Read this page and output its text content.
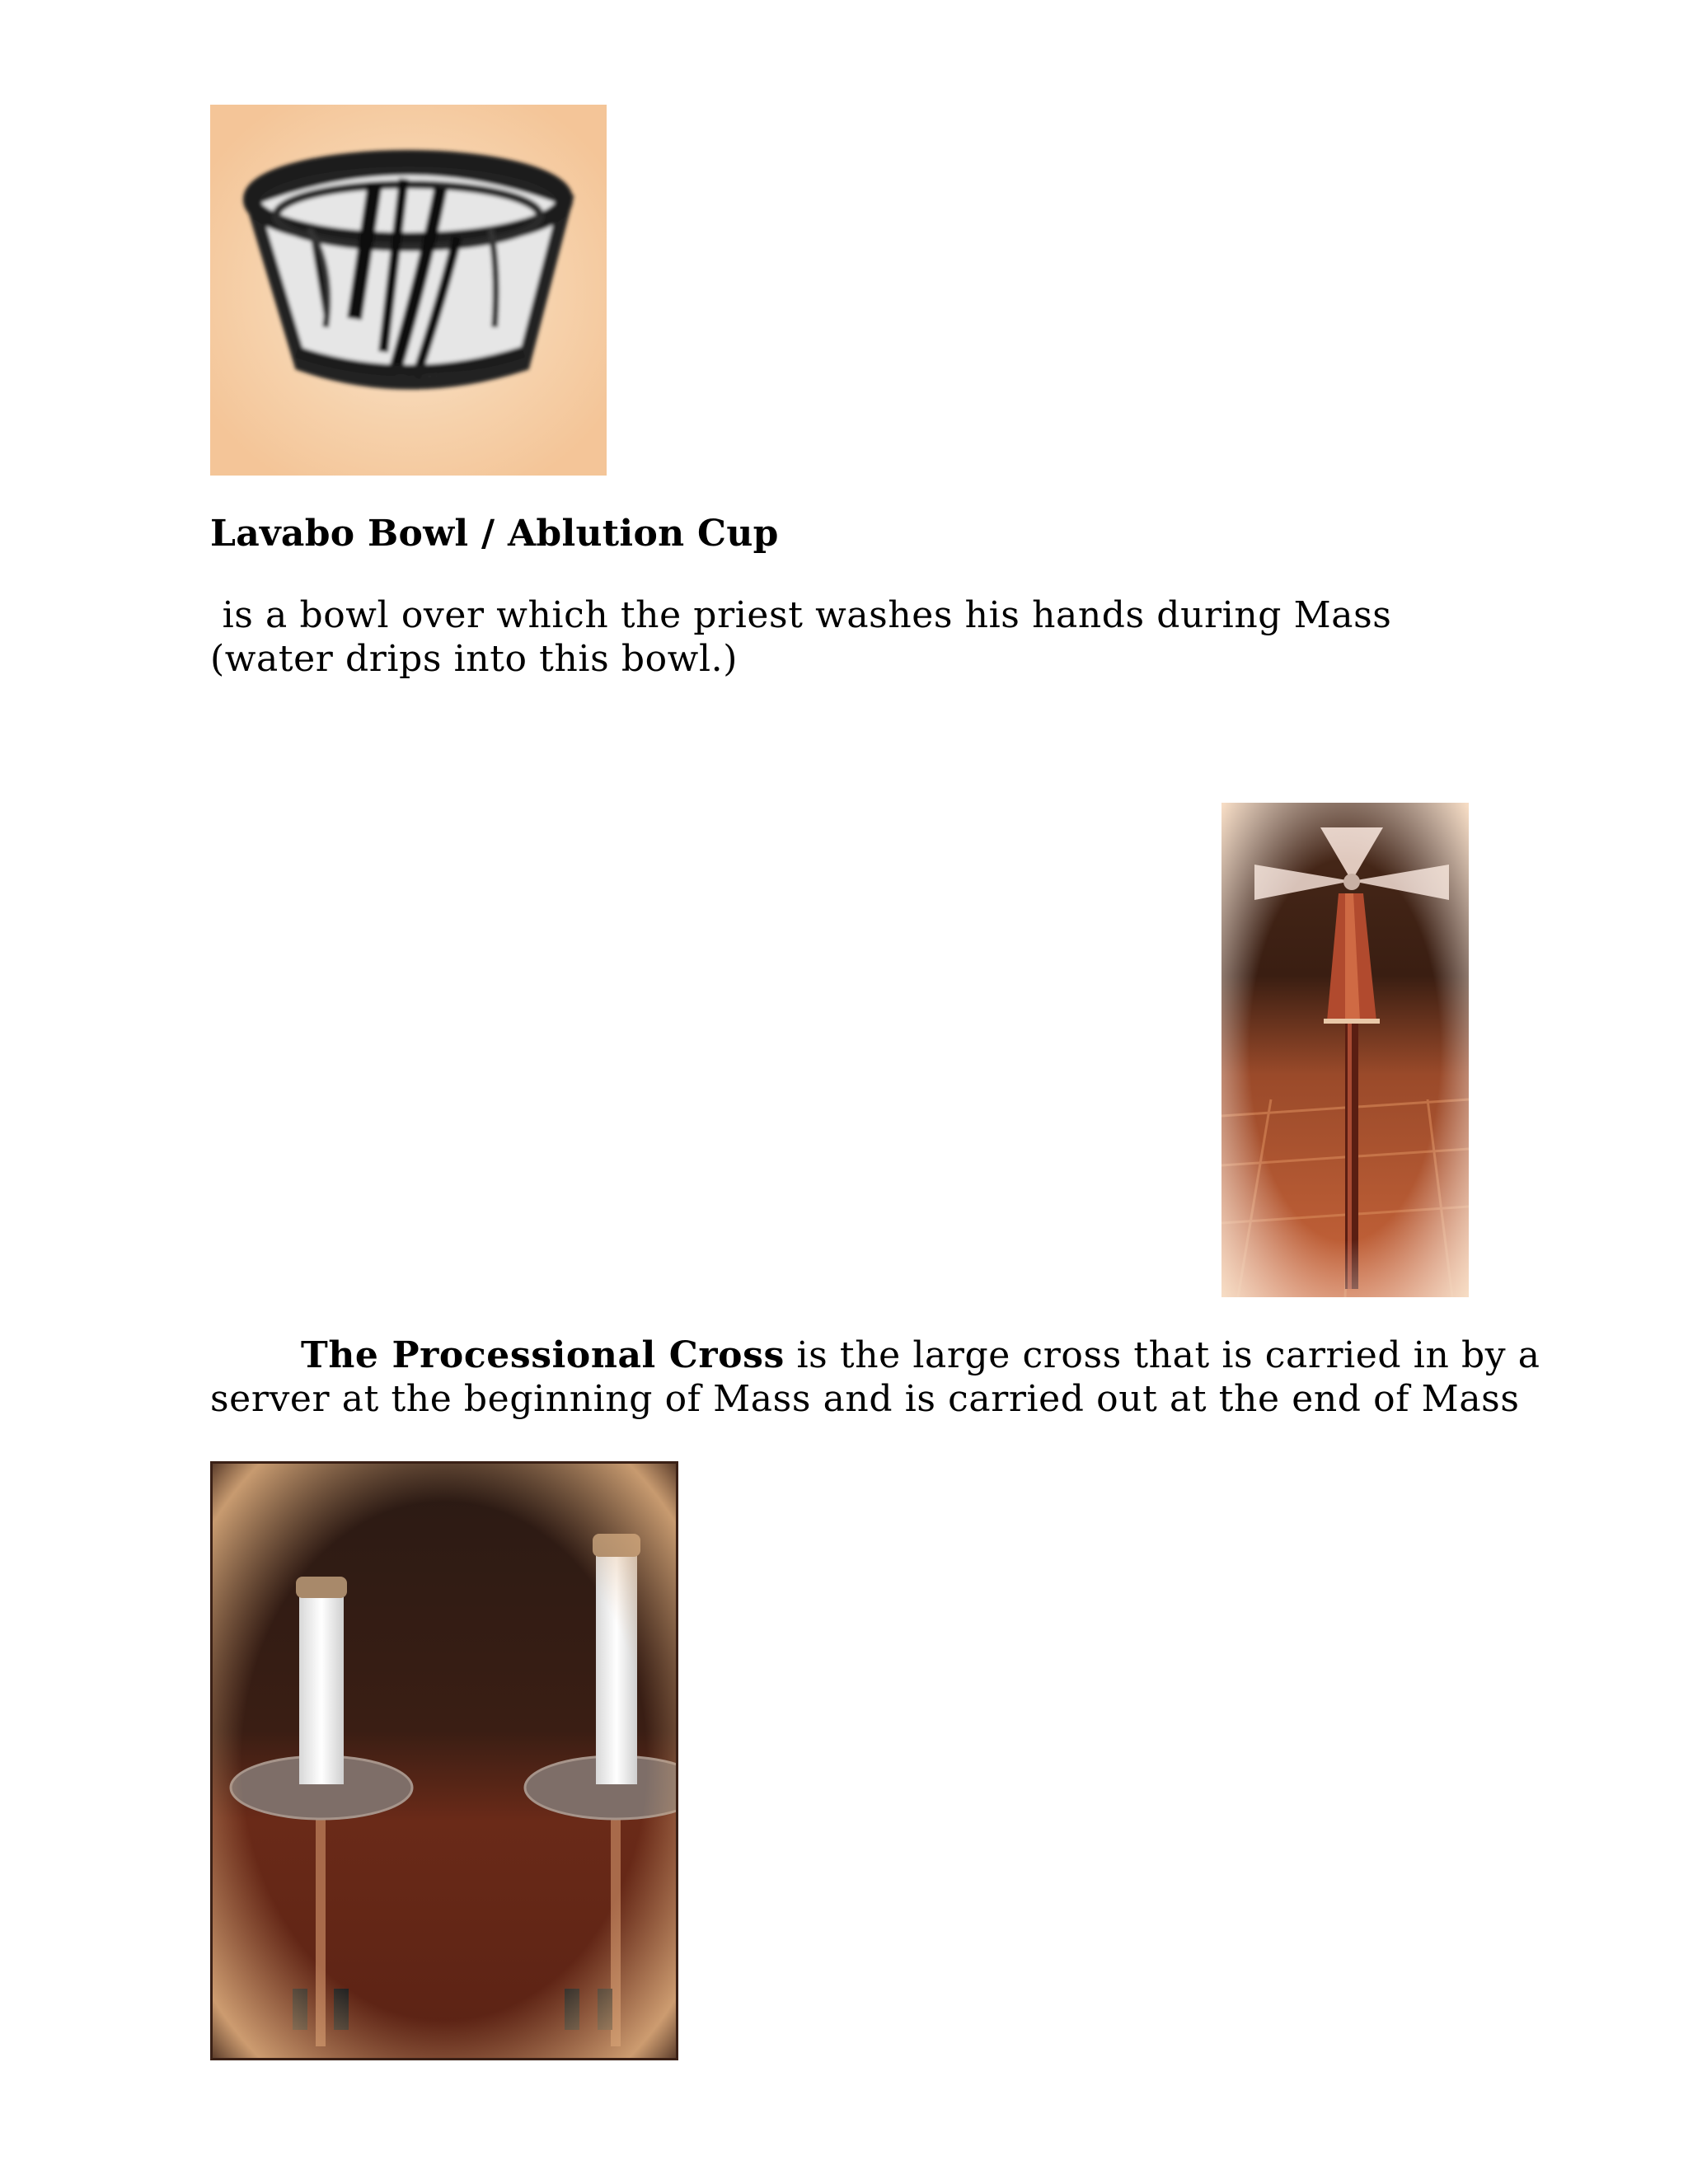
Lavabo Bowl / Ablution Cup
is a bowl over which the priest washes his hands during Mass
(water drips into this bowl.)
The Processional Cross is the large cross that is carried in by a
server at the beginning of Mass and is carried out at the end of Mass
